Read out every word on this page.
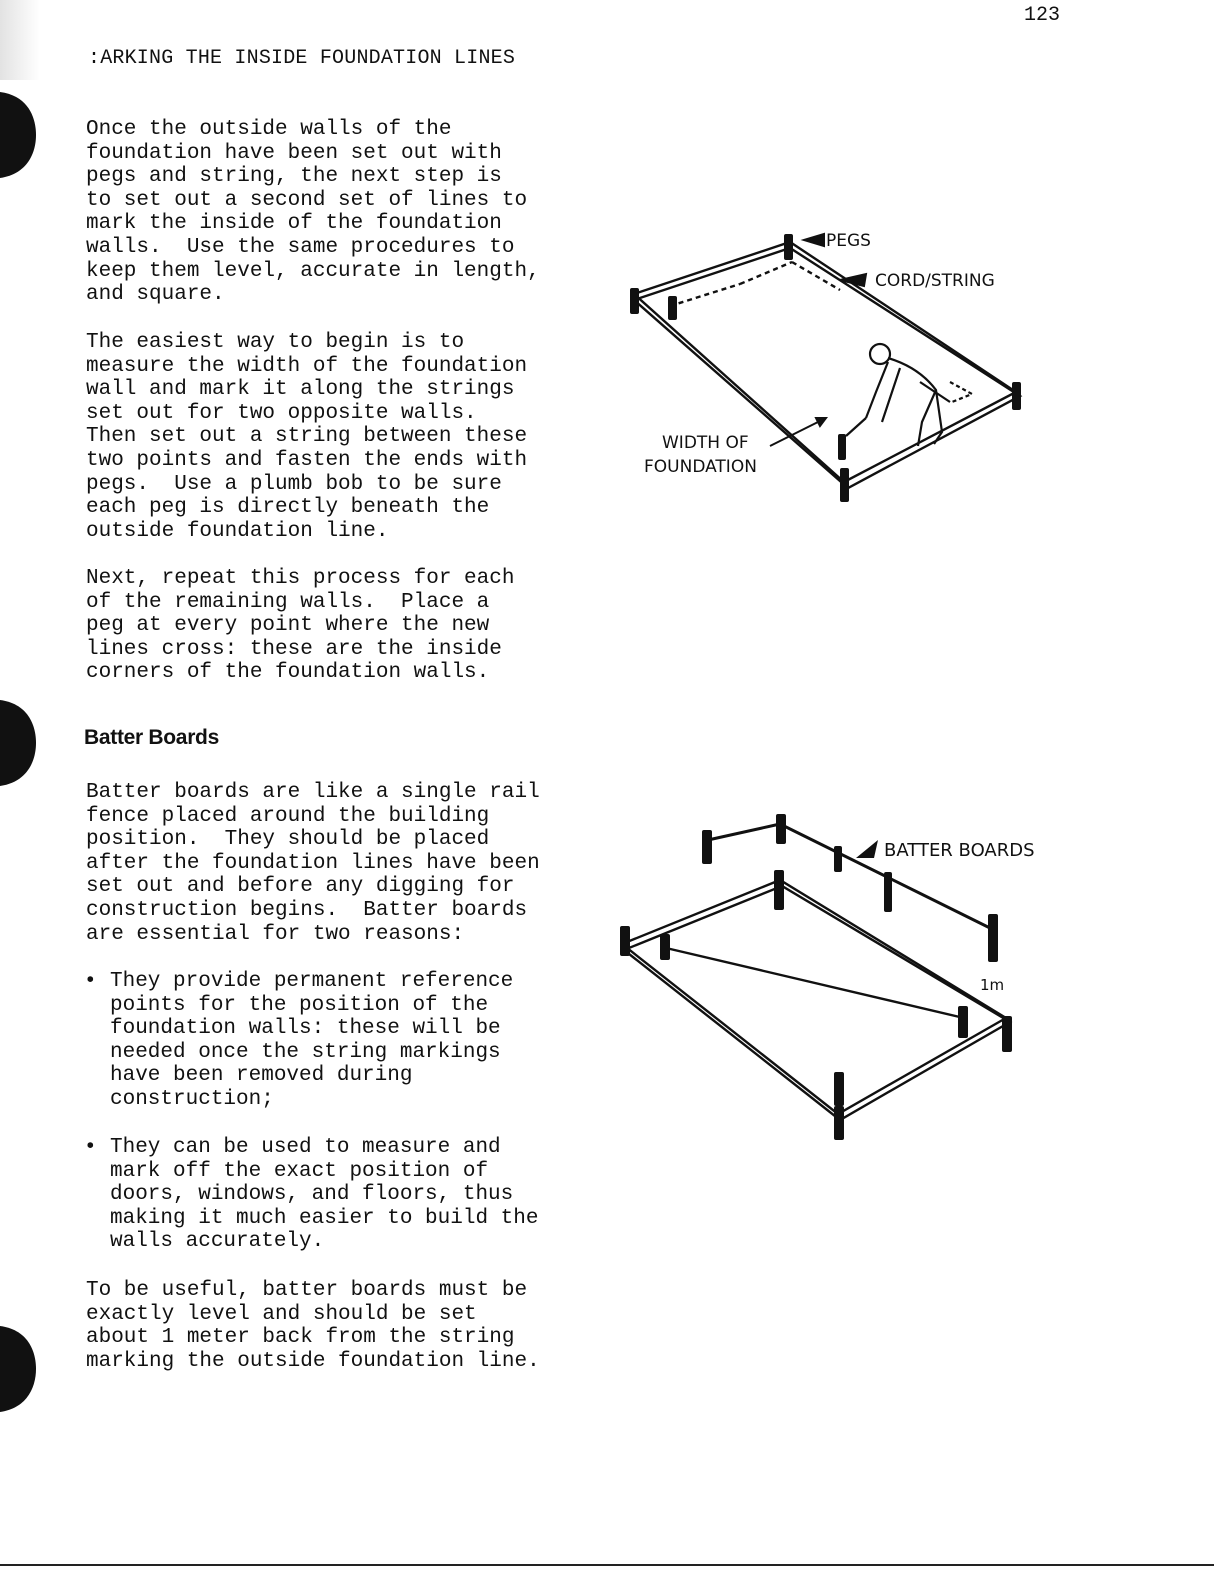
123
:ARKING THE INSIDE FOUNDATION LINES

Once the outside walls of the
foundation have been set out with
pegs and string, the next step is
to set out a second set of lines to
mark the inside of the foundation
walls.  Use the same procedures to
keep them level, accurate in length,
and square.

The easiest way to begin is to
measure the width of the foundation
wall and mark it along the strings
set out for two opposite walls.
Then set out a string between these
two points and fasten the ends with
pegs.  Use a plumb bob to be sure
each peg is directly beneath the
outside foundation line.

Next, repeat this process for each
of the remaining walls.  Place a
peg at every point where the new
lines cross: these are the inside
corners of the foundation walls.

Batter Boards

Batter boards are like a single rail
fence placed around the building
position.  They should be placed
after the foundation lines have been
set out and before any digging for
construction begins.  Batter boards
are essential for two reasons:

• They provide permanent reference
points for the position of the
foundation walls: these will be
needed once the string markings
have been removed during
construction;

• They can be used to measure and
mark off the exact position of
doors, windows, and floors, thus
making it much easier to build the
walls accurately.

To be useful, batter boards must be
exactly level and should be set
about 1 meter back from the string
marking the outside foundation line.

PEGS
CORD/STRING
WIDTH OF
FOUNDATION
BATTER BOARDS
1m
